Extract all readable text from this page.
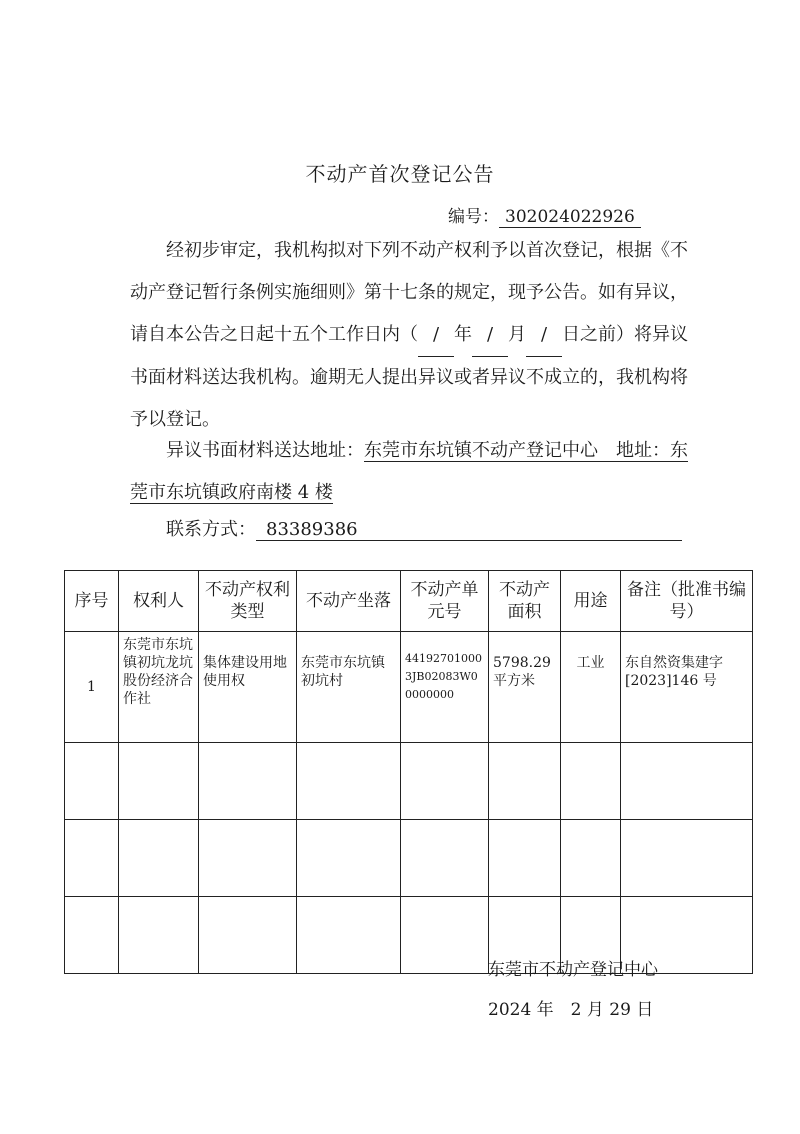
不动产首次登记公告
编号： 302024022926
经初步审定，我机构拟对下列不动产权利予以首次登记，根据《不动产登记暂行条例实施细则》第十七条的规定，现予公告。如有异议，请自本公告之日起十五个工作日内（ / 年 / 月 / 日之前）将异议书面材料送达我机构。逾期无人提出异议或者异议不成立的，我机构将予以登记。
异议书面材料送达地址：东莞市东坑镇不动产登记中心　 地址：东莞市东坑镇政府南楼 4 楼
联系方式： 83389386
序号	权利人	不动产权利类型	不动产坐落	不动产单元号	不动产面积	用途	备注（批准书编号）
1	东莞市东坑镇初坑龙坑股份经济合作社	集体建设用地使用权	东莞市东坑镇初坑村	441927010003JB02083W00000000	5798.29平方米	工业	东自然资集建字[2023]146 号

东莞市不动产登记中心
2024 年　2 月 29 日
